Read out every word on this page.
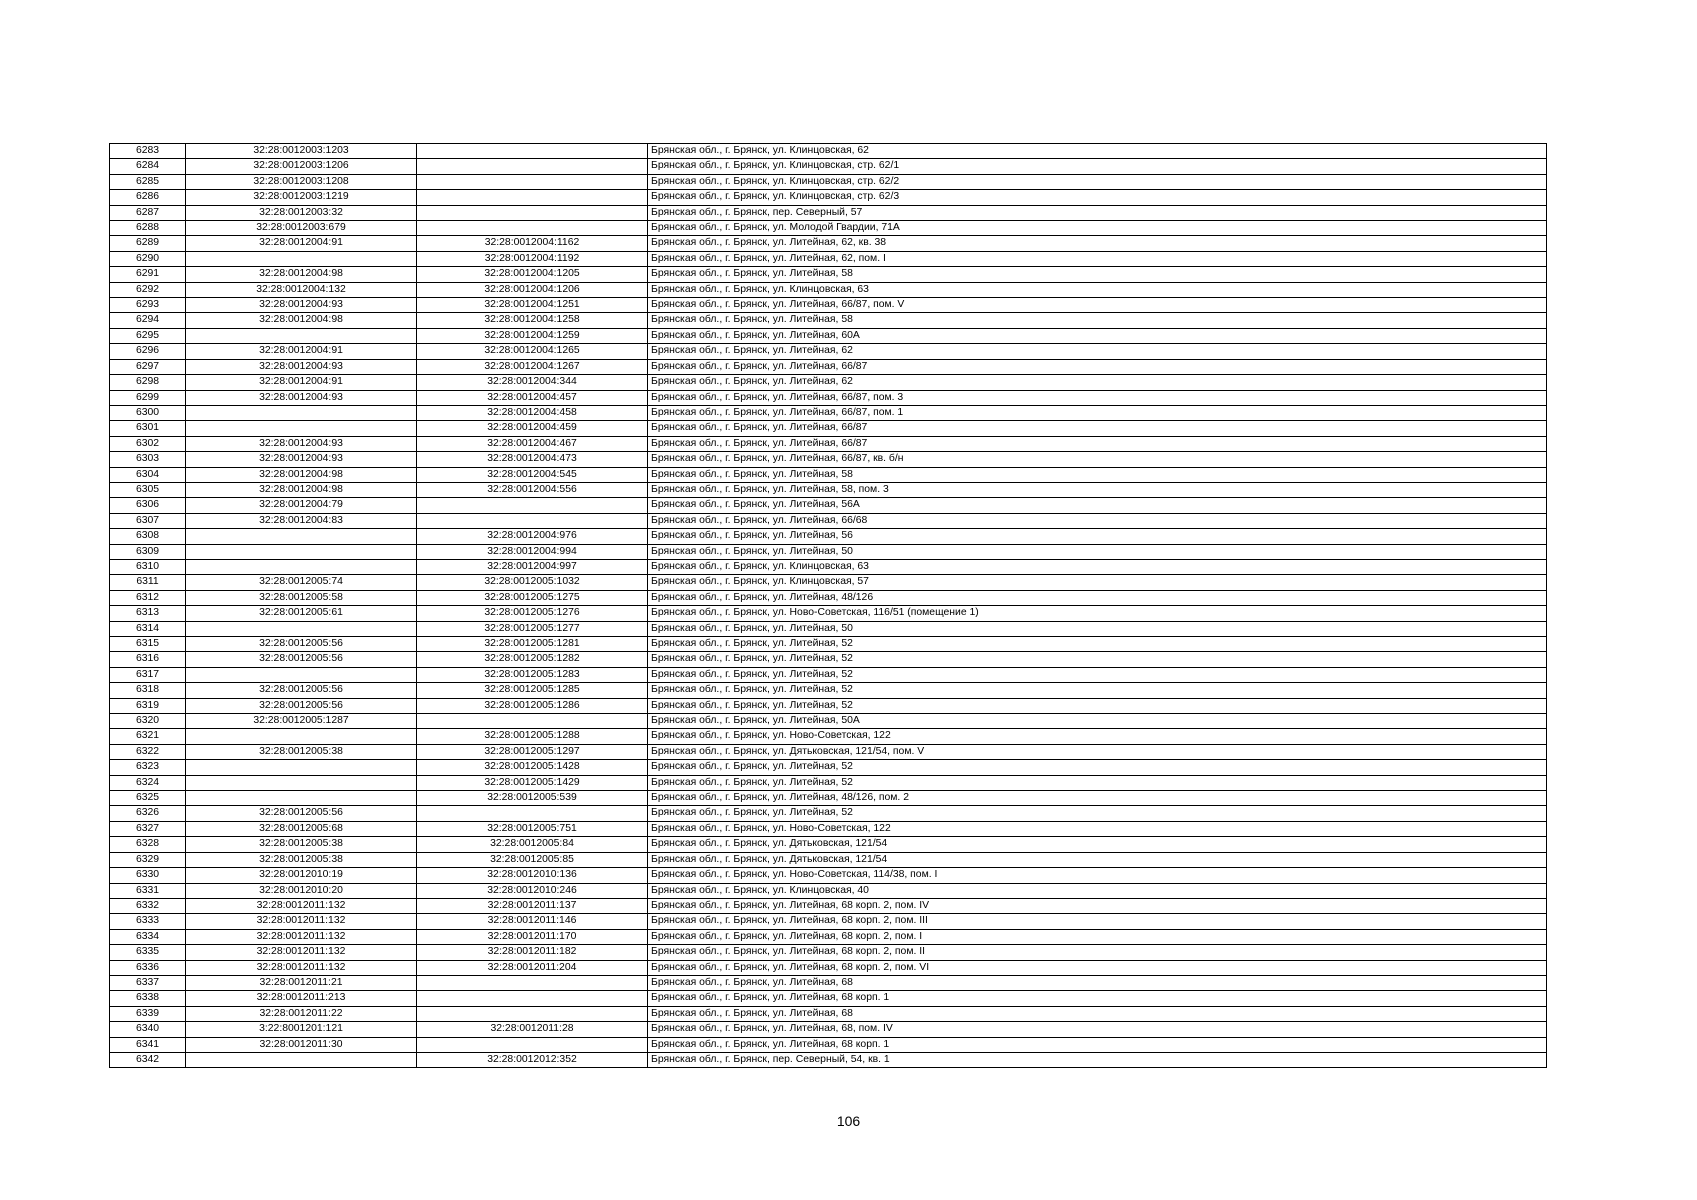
6283	32:28:0012003:1203		Брянская обл., г. Брянск, ул. Клинцовская, 62
6284	32:28:0012003:1206		Брянская обл., г. Брянск, ул. Клинцовская, стр. 62/1
6285	32:28:0012003:1208		Брянская обл., г. Брянск, ул. Клинцовская, стр. 62/2
6286	32:28:0012003:1219		Брянская обл., г. Брянск, ул. Клинцовская, стр. 62/3
6287	32:28:0012003:32		Брянская обл., г. Брянск, пер. Северный, 57
6288	32:28:0012003:679		Брянская обл., г. Брянск, ул. Молодой Гвардии, 71А
6289	32:28:0012004:91	32:28:0012004:1162	Брянская обл., г. Брянск, ул. Литейная, 62, кв. 38
6290		32:28:0012004:1192	Брянская обл., г. Брянск, ул. Литейная, 62, пом. I
6291	32:28:0012004:98	32:28:0012004:1205	Брянская обл., г. Брянск, ул. Литейная, 58
6292	32:28:0012004:132	32:28:0012004:1206	Брянская обл., г. Брянск, ул. Клинцовская, 63
6293	32:28:0012004:93	32:28:0012004:1251	Брянская обл., г. Брянск, ул. Литейная, 66/87, пом. V
6294	32:28:0012004:98	32:28:0012004:1258	Брянская обл., г. Брянск, ул. Литейная, 58
6295		32:28:0012004:1259	Брянская обл., г. Брянск, ул. Литейная, 60А
6296	32:28:0012004:91	32:28:0012004:1265	Брянская обл., г. Брянск, ул. Литейная, 62
6297	32:28:0012004:93	32:28:0012004:1267	Брянская обл., г. Брянск, ул. Литейная, 66/87
6298	32:28:0012004:91	32:28:0012004:344	Брянская обл., г. Брянск, ул. Литейная, 62
6299	32:28:0012004:93	32:28:0012004:457	Брянская обл., г. Брянск, ул. Литейная, 66/87, пом. 3
6300		32:28:0012004:458	Брянская обл., г. Брянск, ул. Литейная, 66/87, пом. 1
6301		32:28:0012004:459	Брянская обл., г. Брянск, ул. Литейная, 66/87
6302	32:28:0012004:93	32:28:0012004:467	Брянская обл., г. Брянск, ул. Литейная, 66/87
6303	32:28:0012004:93	32:28:0012004:473	Брянская обл., г. Брянск, ул. Литейная, 66/87, кв. б/н
6304	32:28:0012004:98	32:28:0012004:545	Брянская обл., г. Брянск, ул. Литейная, 58
6305	32:28:0012004:98	32:28:0012004:556	Брянская обл., г. Брянск, ул. Литейная, 58, пом. 3
6306	32:28:0012004:79		Брянская обл., г. Брянск, ул. Литейная, 56А
6307	32:28:0012004:83		Брянская обл., г. Брянск, ул. Литейная, 66/68
6308		32:28:0012004:976	Брянская обл., г. Брянск, ул. Литейная, 56
6309		32:28:0012004:994	Брянская обл., г. Брянск, ул. Литейная, 50
6310		32:28:0012004:997	Брянская обл., г. Брянск, ул. Клинцовская, 63
6311	32:28:0012005:74	32:28:0012005:1032	Брянская обл., г. Брянск, ул. Клинцовская, 57
6312	32:28:0012005:58	32:28:0012005:1275	Брянская обл., г. Брянск, ул. Литейная, 48/126
6313	32:28:0012005:61	32:28:0012005:1276	Брянская обл., г. Брянск, ул. Ново-Советская, 116/51 (помещение 1)
6314		32:28:0012005:1277	Брянская обл., г. Брянск, ул. Литейная, 50
6315	32:28:0012005:56	32:28:0012005:1281	Брянская обл., г. Брянск, ул. Литейная, 52
6316	32:28:0012005:56	32:28:0012005:1282	Брянская обл., г. Брянск, ул. Литейная, 52
6317		32:28:0012005:1283	Брянская обл., г. Брянск, ул. Литейная, 52
6318	32:28:0012005:56	32:28:0012005:1285	Брянская обл., г. Брянск, ул. Литейная, 52
6319	32:28:0012005:56	32:28:0012005:1286	Брянская обл., г. Брянск, ул. Литейная, 52
6320	32:28:0012005:1287		Брянская обл., г. Брянск, ул. Литейная, 50А
6321		32:28:0012005:1288	Брянская обл., г. Брянск, ул. Ново-Советская, 122
6322	32:28:0012005:38	32:28:0012005:1297	Брянская обл., г. Брянск, ул. Дятьковская, 121/54, пом. V
6323		32:28:0012005:1428	Брянская обл., г. Брянск, ул. Литейная, 52
6324		32:28:0012005:1429	Брянская обл., г. Брянск, ул. Литейная, 52
6325		32:28:0012005:539	Брянская обл., г. Брянск, ул. Литейная, 48/126, пом. 2
6326	32:28:0012005:56		Брянская обл., г. Брянск, ул. Литейная, 52
6327	32:28:0012005:68	32:28:0012005:751	Брянская обл., г. Брянск, ул. Ново-Советская, 122
6328	32:28:0012005:38	32:28:0012005:84	Брянская обл., г. Брянск, ул. Дятьковская, 121/54
6329	32:28:0012005:38	32:28:0012005:85	Брянская обл., г. Брянск, ул. Дятьковская, 121/54
6330	32:28:0012010:19	32:28:0012010:136	Брянская обл., г. Брянск, ул. Ново-Советская, 114/38, пом. I
6331	32:28:0012010:20	32:28:0012010:246	Брянская обл., г. Брянск, ул. Клинцовская, 40
6332	32:28:0012011:132	32:28:0012011:137	Брянская обл., г. Брянск, ул. Литейная, 68 корп. 2, пом. IV
6333	32:28:0012011:132	32:28:0012011:146	Брянская обл., г. Брянск, ул. Литейная, 68 корп. 2, пом. III
6334	32:28:0012011:132	32:28:0012011:170	Брянская обл., г. Брянск, ул. Литейная, 68 корп. 2, пом. I
6335	32:28:0012011:132	32:28:0012011:182	Брянская обл., г. Брянск, ул. Литейная, 68 корп. 2, пом. II
6336	32:28:0012011:132	32:28:0012011:204	Брянская обл., г. Брянск, ул. Литейная, 68 корп. 2, пом. VI
6337	32:28:0012011:21		Брянская обл., г. Брянск, ул. Литейная, 68
6338	32:28:0012011:213		Брянская обл., г. Брянск, ул. Литейная, 68 корп. 1
6339	32:28:0012011:22		Брянская обл., г. Брянск, ул. Литейная, 68
6340	3:22:8001201:121	32:28:0012011:28	Брянская обл., г. Брянск, ул. Литейная, 68, пом. IV
6341	32:28:0012011:30		Брянская обл., г. Брянск, ул. Литейная, 68 корп. 1
6342		32:28:0012012:352	Брянская обл., г. Брянск, пер. Северный, 54, кв. 1
106
